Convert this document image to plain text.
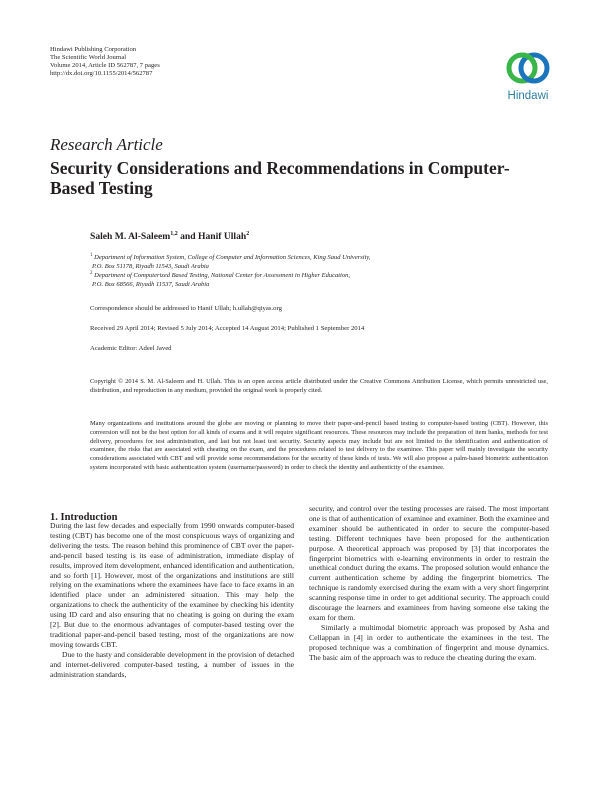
Hindawi Publishing Corporation
The Scientific World Journal
Volume 2014, Article ID 562787, 7 pages
http://dx.doi.org/10.1155/2014/562787
Hindawi
Research Article
Security Considerations and Recommendations in Computer-Based Testing
Saleh M. Al-Saleem$^{1,2}$ and Hanif Ullah$^2$
$^1$ Department of Information System, College of Computer and Information Sciences, King Saud University,
P.O. Box 51178, Riyadh 11543, Saudi Arabia
$^2$ Department of Computerized Based Testing, National Center for Assessment in Higher Education,
P.O. Box 68566, Riyadh 11537, Saudi Arabia
Correspondence should be addressed to Hanif Ullah; h.ullah@qiyas.org
Received 29 April 2014; Revised 5 July 2014; Accepted 14 August 2014; Published 1 September 2014
Academic Editor: Adeel Javed
Copyright © 2014 S. M. Al-Saleem and H. Ullah. This is an open access article distributed under the Creative Commons Attribution License, which permits unrestricted use, distribution, and reproduction in any medium, provided the original work is properly cited.
Many organizations and institutions around the globe are moving or planning to move their paper-and-pencil based testing to computer-based testing (CBT). However, this conversion will not be the best option for all kinds of exams and it will require significant resources. These resources may include the preparation of item banks, methods for test delivery, procedures for test administration, and last but not least test security. Security aspects may include but are not limited to the identification and authentication of examinee, the risks that are associated with cheating on the exam, and the procedures related to test delivery to the examinee. This paper will mainly investigate the security considerations associated with CBT and will provide some recommendations for the security of these kinds of tests. We will also propose a palm-based biometric authentication system incorporated with basic authentication system (username/password) in order to check the identity and authenticity of the examinee.
1. Introduction

During the last few decades and especially from 1990 onwards computer-based testing (CBT) has become one of the most conspicuous ways of organizing and delivering the tests. The reason behind this prominence of CBT over the paper-and-pencil based testing is its ease of administration, immediate display of results, improved item development, enhanced identification and authentication, and so forth [1]. However, most of the organizations and institutions are still relying on the examinations where the examinees have face to face exams in an identified place under an administered situation. This may help the organizations to check the authenticity of the examinee by checking his identity using ID card and also ensuring that no cheating is going on during the exam [2]. But due to the enormous advantages of computer-based testing over the traditional paper-and-pencil based testing, most of the organizations are now moving towards CBT.

Due to the hasty and considerable development in the provision of detached and internet-delivered computer-based testing, a number of issues in the administration standards,

security, and control over the testing processes are raised. The most important one is that of authentication of examinee and examiner. Both the examinee and examiner should be authenticated in order to secure the computer-based testing. Different techniques have been proposed for the authentication purpose. A theoretical approach was proposed by [3] that incorporates the fingerprint biometrics with e-learning environments in order to restrain the unethical conduct during the exams. The proposed solution would enhance the current authentication scheme by adding the fingerprint biometrics. The technique is randomly exercised during the exam with a very short fingerprint scanning response time in order to get additional security. The approach could discourage the learners and examinees from having someone else taking the exam for them.

Similarly a multimodal biometric approach was proposed by Asha and Cellappan in [4] in order to authenticate the examinees in the test. The proposed technique was a combination of fingerprint and mouse dynamics. The basic aim of the approach was to reduce the cheating during the exam.
